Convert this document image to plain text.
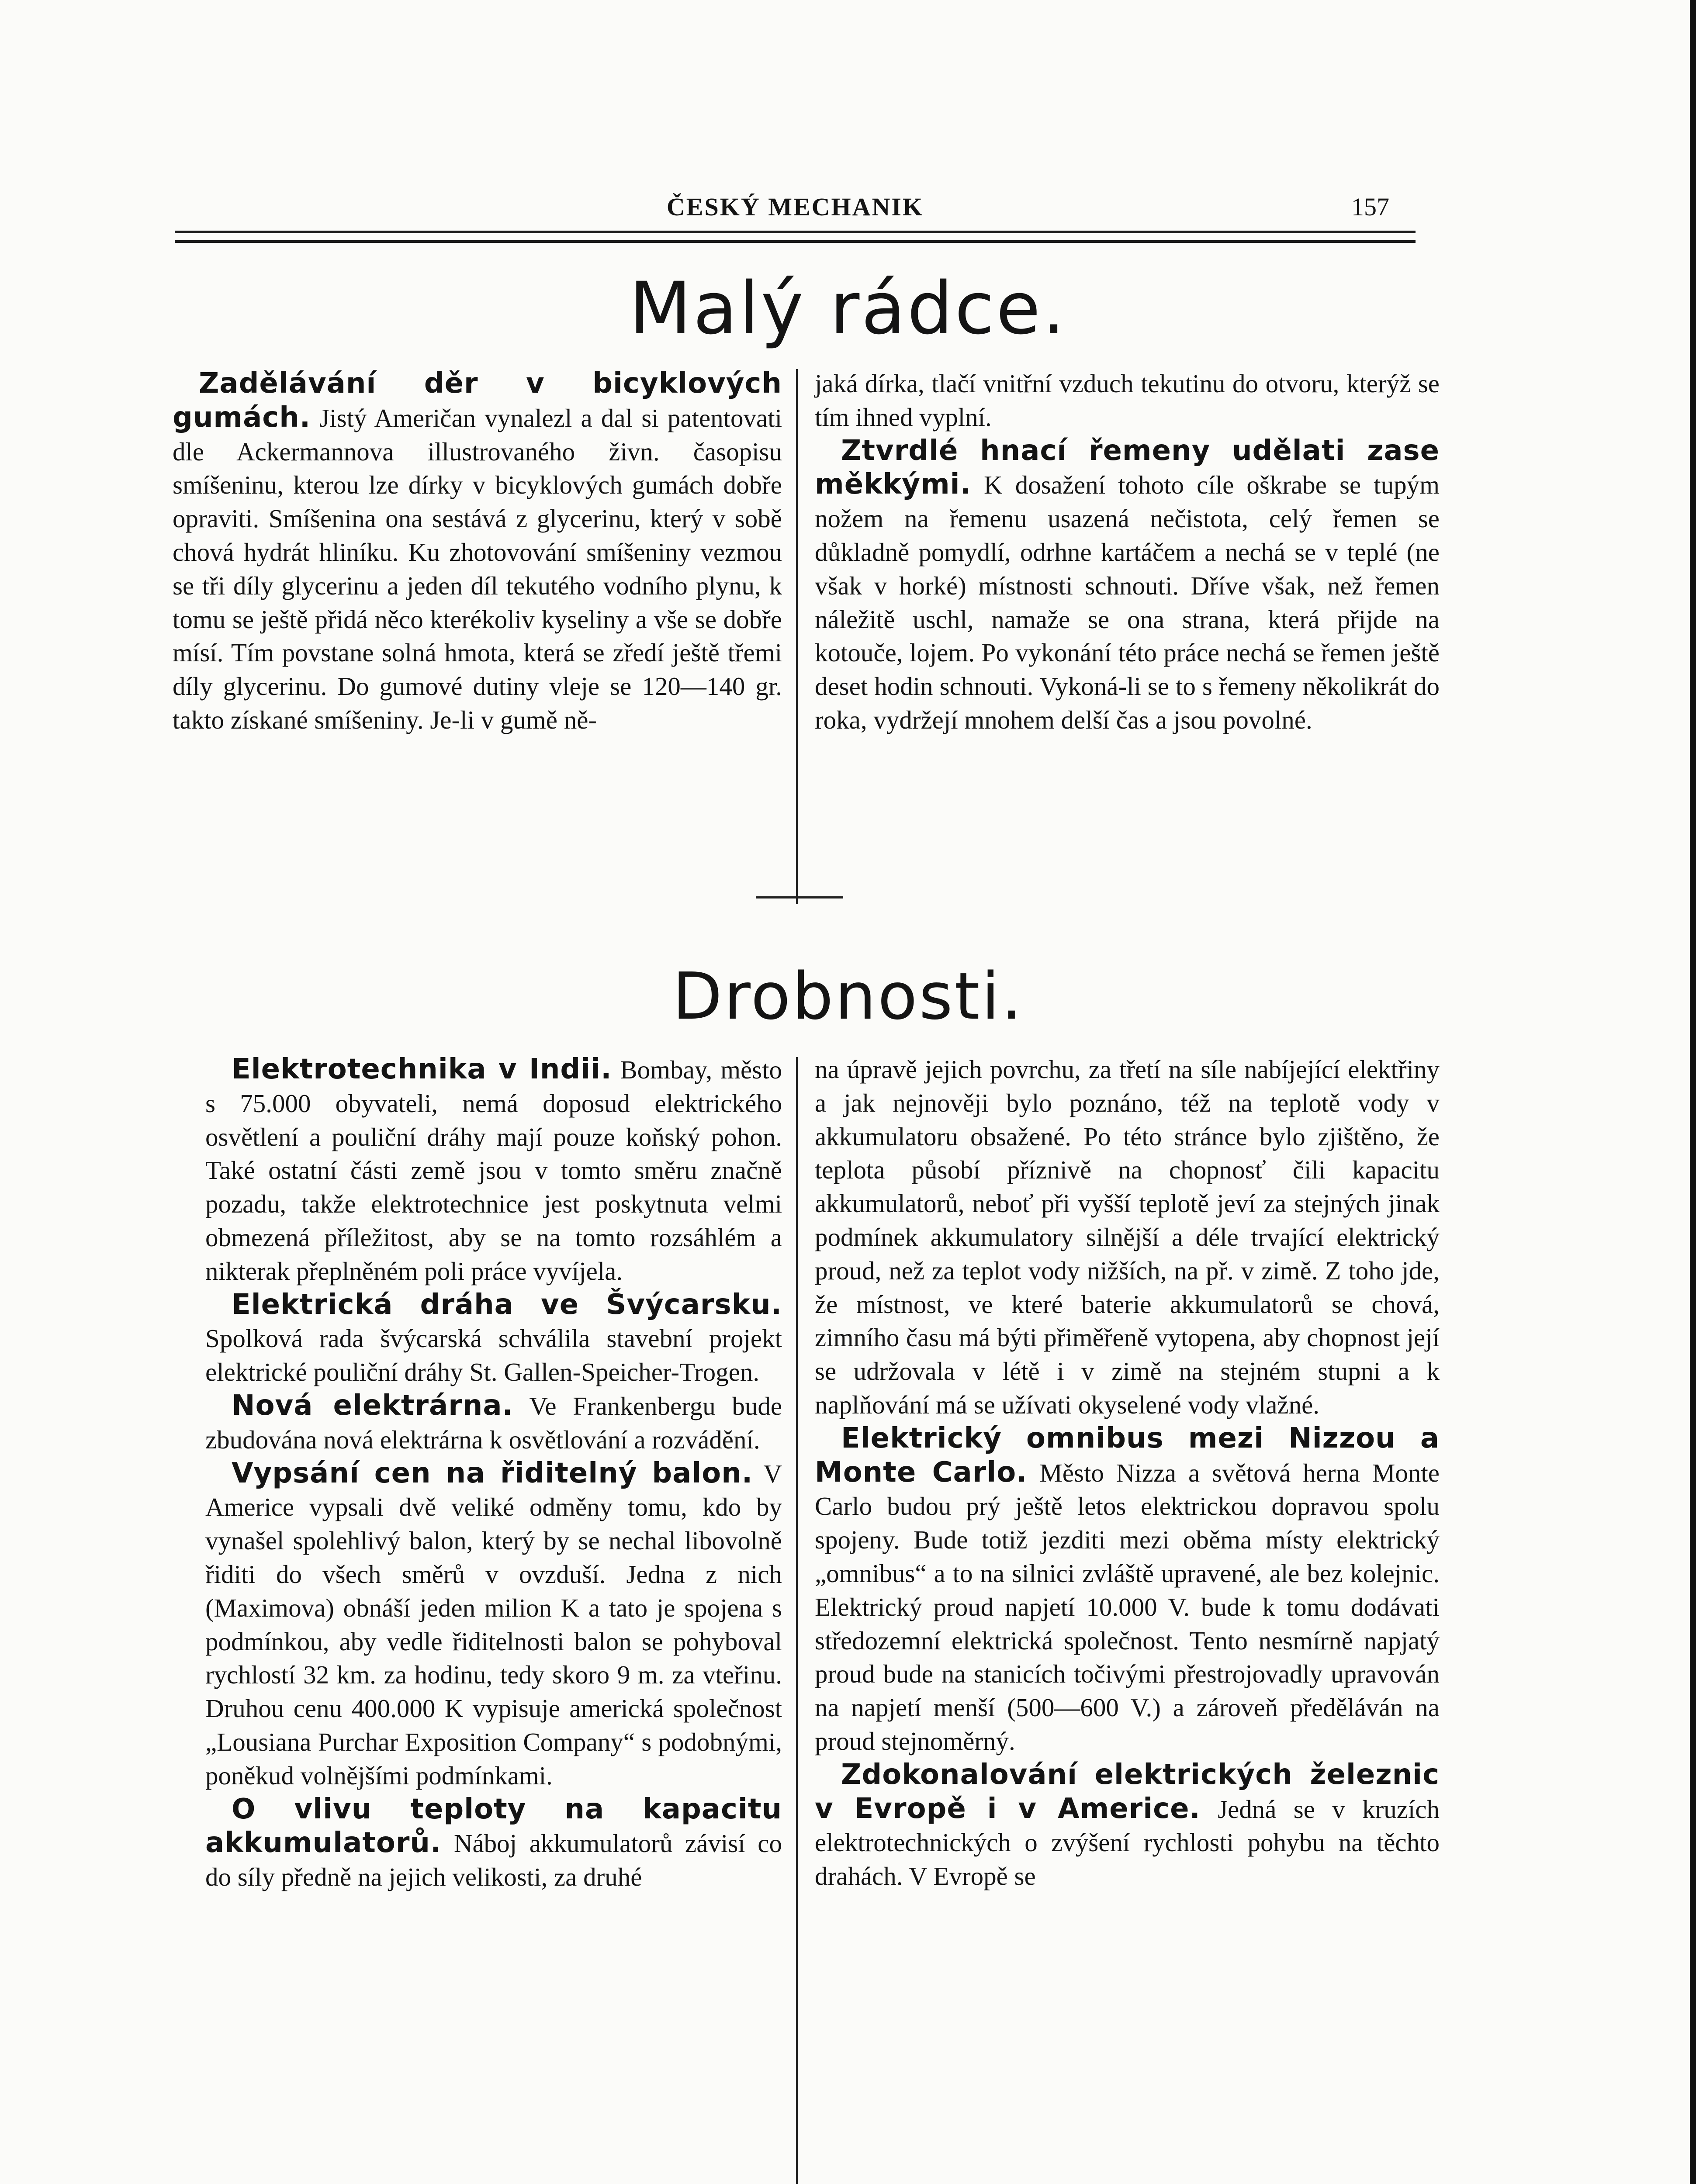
ČESKÝ MECHANIK	157
Malý rádce.

Zadělávání děr v bicyklových gumách. Jistý Američan vynalezl a dal si patentovati dle Ackermannova illustrovaného živn. časopisu smíšeninu, kterou lze dírky v bicyklových gumách dobře opraviti. Smíšenina ona sestává z glycerinu, který v sobě chová hydrát hliníku. Ku zhotovování smíšeniny vezmou se tři díly glycerinu a jeden díl tekutého vodního plynu, k tomu se ještě přidá něco kterékoliv kyseliny a vše se dobře mísí. Tím povstane solná hmota, která se zředí ještě třemi díly glycerinu. Do gumové dutiny vleje se 120—140 gr. takto získané smíšeniny. Je-li v gumě ně-

jaká dírka, tlačí vnitřní vzduch tekutinu do otvoru, kterýž se tím ihned vyplní.

Ztvrdlé hnací řemeny udělati zase měkkými. K dosažení tohoto cíle oškrabe se tupým nožem na řemenu usazená nečistota, celý řemen se důkladně pomydlí, odrhne kartáčem a nechá se v teplé (ne však v horké) místnosti schnouti. Dříve však, než řemen náležitě uschl, namaže se ona strana, která přijde na kotouče, lojem. Po vykonání této práce nechá se řemen ještě deset hodin schnouti. Vykoná-li se to s řemeny několikrát do roka, vydržejí mnohem delší čas a jsou povolné.

Drobnosti.

Elektrotechnika v Indii. Bombay, město s 75.000 obyvateli, nemá doposud elektrického osvětlení a pouliční dráhy mají pouze koňský pohon. Také ostatní části země jsou v tomto směru značně pozadu, takže elektrotechnice jest poskytnuta velmi obmezená příležitost, aby se na tomto rozsáhlém a nikterak přeplněném poli práce vyvíjela.

Elektrická dráha ve Švýcarsku. Spolková rada švýcarská schválila stavební projekt elektrické pouliční dráhy St. Gallen-Speicher-Trogen.

Nová elektrárna. Ve Frankenbergu bude zbudována nová elektrárna k osvětlování a rozvádění.

Vypsání cen na řiditelný balon. V Americe vypsali dvě veliké odměny tomu, kdo by vynašel spolehlivý balon, který by se nechal libovolně řiditi do všech směrů v ovzduší. Jedna z nich (Maximova) obnáší jeden milion K a tato je spojena s podmínkou, aby vedle řiditelnosti balon se pohyboval rychlostí 32 km. za hodinu, tedy skoro 9 m. za vteřinu. Druhou cenu 400.000 K vypisuje americká společnost „Lousiana Purchar Exposition Company“ s podobnými, poněkud volnějšími podmínkami.

O vlivu teploty na kapacitu akkumulatorů. Náboj akkumulatorů závisí co do síly předně na jejich velikosti, za druhé

na úpravě jejich povrchu, za třetí na síle nabíjející elektřiny a jak nejnověji bylo poznáno, též na teplotě vody v akkumulatoru obsažené. Po této stránce bylo zjištěno, že teplota působí příznivě na chopnosť čili kapacitu akkumulatorů, neboť při vyšší teplotě jeví za stejných jinak podmínek akkumulatory silnější a déle trvající elektrický proud, než za teplot vody nižších, na př. v zimě. Z toho jde, že místnost, ve které baterie akkumulatorů se chová, zimního času má býti přiměřeně vytopena, aby chopnost její se udržovala v létě i v zimě na stejném stupni a k naplňování má se užívati okyselené vody vlažné.

Elektrický omnibus mezi Nizzou a Monte Carlo. Město Nizza a světová herna Monte Carlo budou prý ještě letos elektrickou dopravou spolu spojeny. Bude totiž jezditi mezi oběma místy elektrický „omnibus“ a to na silnici zvláště upravené, ale bez kolejnic. Elektrický proud napjetí 10.000 V. bude k tomu dodávati středozemní elektrická společnost. Tento nesmírně napjatý proud bude na stanicích točivými přestrojovadly upravován na napjetí menší (500—600 V.) a zároveň předěláván na proud stejnoměrný.

Zdokonalování elektrických železnic v Evropě i v Americe. Jedná se v kruzích elektrotechnických o zvýšení rychlosti pohybu na těchto drahách. V Evropě se
